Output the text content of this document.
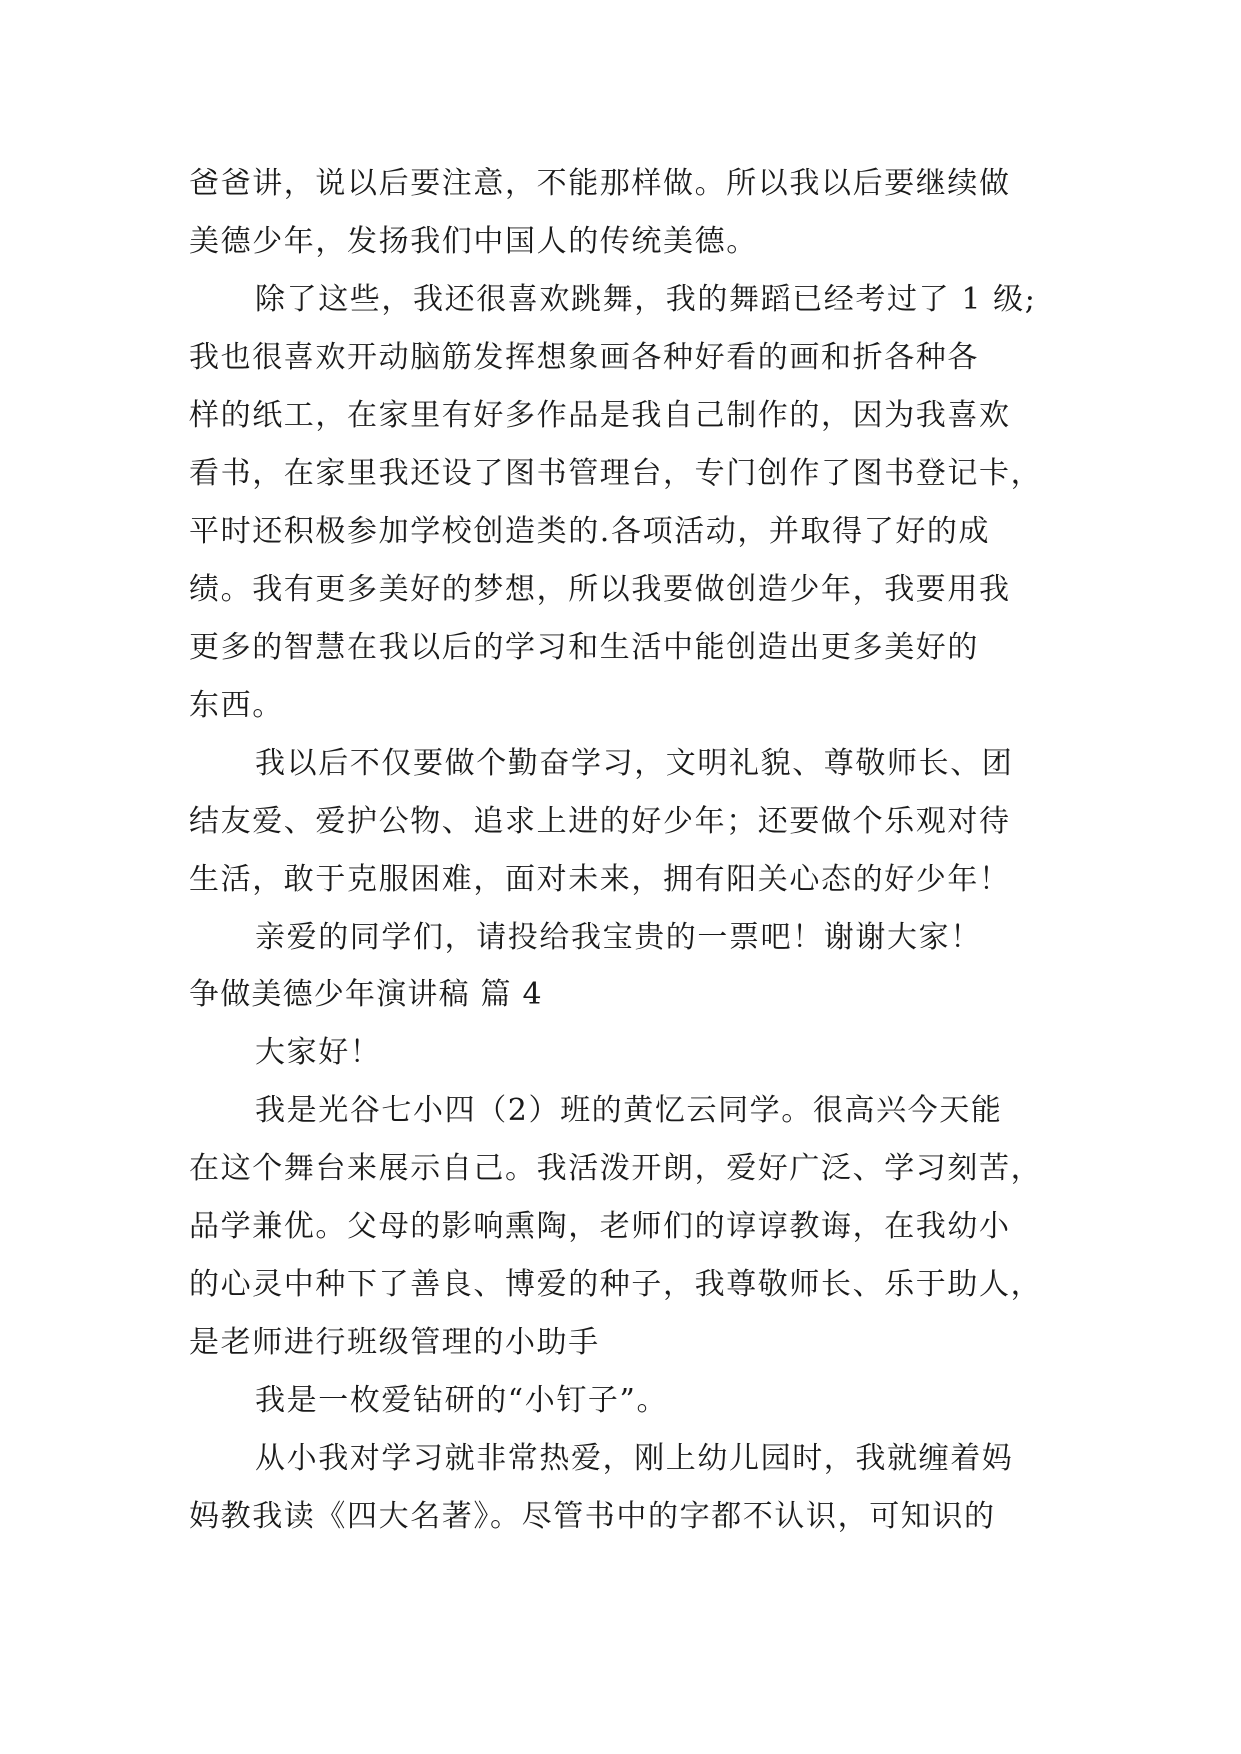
爸爸讲，说以后要注意，不能那样做。所以我以后要继续做
美德少年，发扬我们中国人的传统美德。
除了这些，我还很喜欢跳舞，我的舞蹈已经考过了 1 级;
我也很喜欢开动脑筋发挥想象画各种好看的画和折各种各
样的纸工，在家里有好多作品是我自己制作的，因为我喜欢
看书，在家里我还设了图书管理台，专门创作了图书登记卡，
平时还积极参加学校创造类的.各项活动，并取得了好的成
绩。我有更多美好的梦想，所以我要做创造少年，我要用我
更多的智慧在我以后的学习和生活中能创造出更多美好的
东西。
我以后不仅要做个勤奋学习，文明礼貌、尊敬师长、团
结友爱、爱护公物、追求上进的好少年；还要做个乐观对待
生活，敢于克服困难，面对未来，拥有阳关心态的好少年！
亲爱的同学们，请投给我宝贵的一票吧！谢谢大家！
争做美德少年演讲稿 篇 4
大家好！
我是光谷七小四（2）班的黄忆云同学。很高兴今天能
在这个舞台来展示自己。我活泼开朗，爱好广泛、学习刻苦，
品学兼优。父母的影响熏陶，老师们的谆谆教诲，在我幼小
的心灵中种下了善良、博爱的种子，我尊敬师长、乐于助人，
是老师进行班级管理的小助手
我是一枚爱钻研的“小钉子”。
从小我对学习就非常热爱，刚上幼儿园时，我就缠着妈
妈教我读《四大名著》。尽管书中的字都不认识，可知识的
